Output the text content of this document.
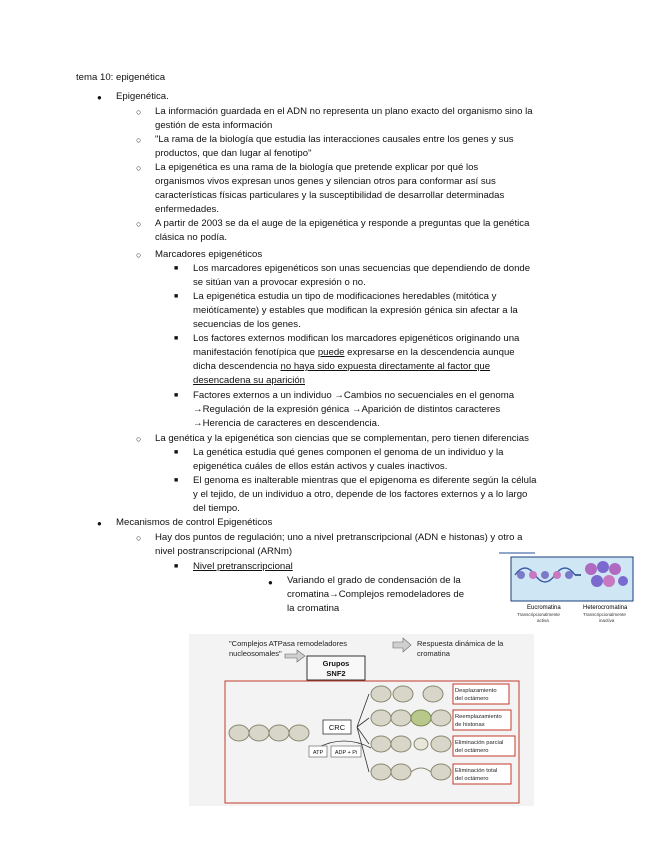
tema 10: epigenética
● Epigenética.
○ La información guardada en el ADN no representa un plano exacto del organismo sino la
gestión de esta información
○ "La rama de la biología que estudia las interacciones causales entre los genes y sus
productos, que dan lugar al fenotipo"
○ La epigenética es una rama de la biología que pretende explicar por qué los
organismos vivos expresan unos genes y silencian otros para conformar así sus
características físicas particulares y la susceptibilidad de desarrollar determinadas
enfermedades.
○ A partir de 2003 se da el auge de la epigenética y responde a preguntas que la genética
clásica no podía.
○ Marcadores epigenéticos
■ Los marcadores epigenéticos son unas secuencias que dependiendo de donde
se sitúan van a provocar expresión o no.
■ La epigenética estudia un tipo de modificaciones heredables (mitótica y
meiótícamente) y estables que modifican la expresión génica sin afectar a la
secuencias de los genes.
■ Los factores externos modifican los marcadores epigenéticos originando una
manifestación fenotípica que puede expresarse en la descendencia aunque
dicha descendencia no haya sido expuesta directamente al factor que
desencadena su aparición
■ Factores externos a un individuo →Cambios no secuenciales en el genoma
→Regulación de la expresión génica →Aparición de distintos caracteres
→Herencia de caracteres en descendencia.
○ La genética y la epigenética son ciencias que se complementan, pero tienen diferencias
■ La genética estudia qué genes componen el genoma de un individuo y la
epigenética cuáles de ellos están activos y cuales inactivos.
■ El genoma es inalterable mientras que el epigenoma es diferente según la célula
y el tejido, de un individuo a otro, depende de los factores externos y a lo largo
del tiempo.
● Mecanismos de control Epigenéticos
○ Hay dos puntos de regulación; uno a nivel pretranscripcional (ADN e histonas) y otro a
nivel postranscripcional (ARNm)
■ Nivel pretranscripcional
● Variando el grado de condensación de la
cromatina→Complejos remodeladores de
la cromatina	Eucromatina
Transcripcionalmente
activa
Heterocromatina
Transcripcionalmente
inactiva
"Complejos ATPasa remodeladores
nucleosomales"
Grupos
SNF2
Respuesta dinámica de la
cromatina
CRC
ATP ADP + Pi
Desplazamiento
del octámero
Reemplazamiento
de histonas
Eliminación parcial
del octámero
Eliminación total
del octámero
